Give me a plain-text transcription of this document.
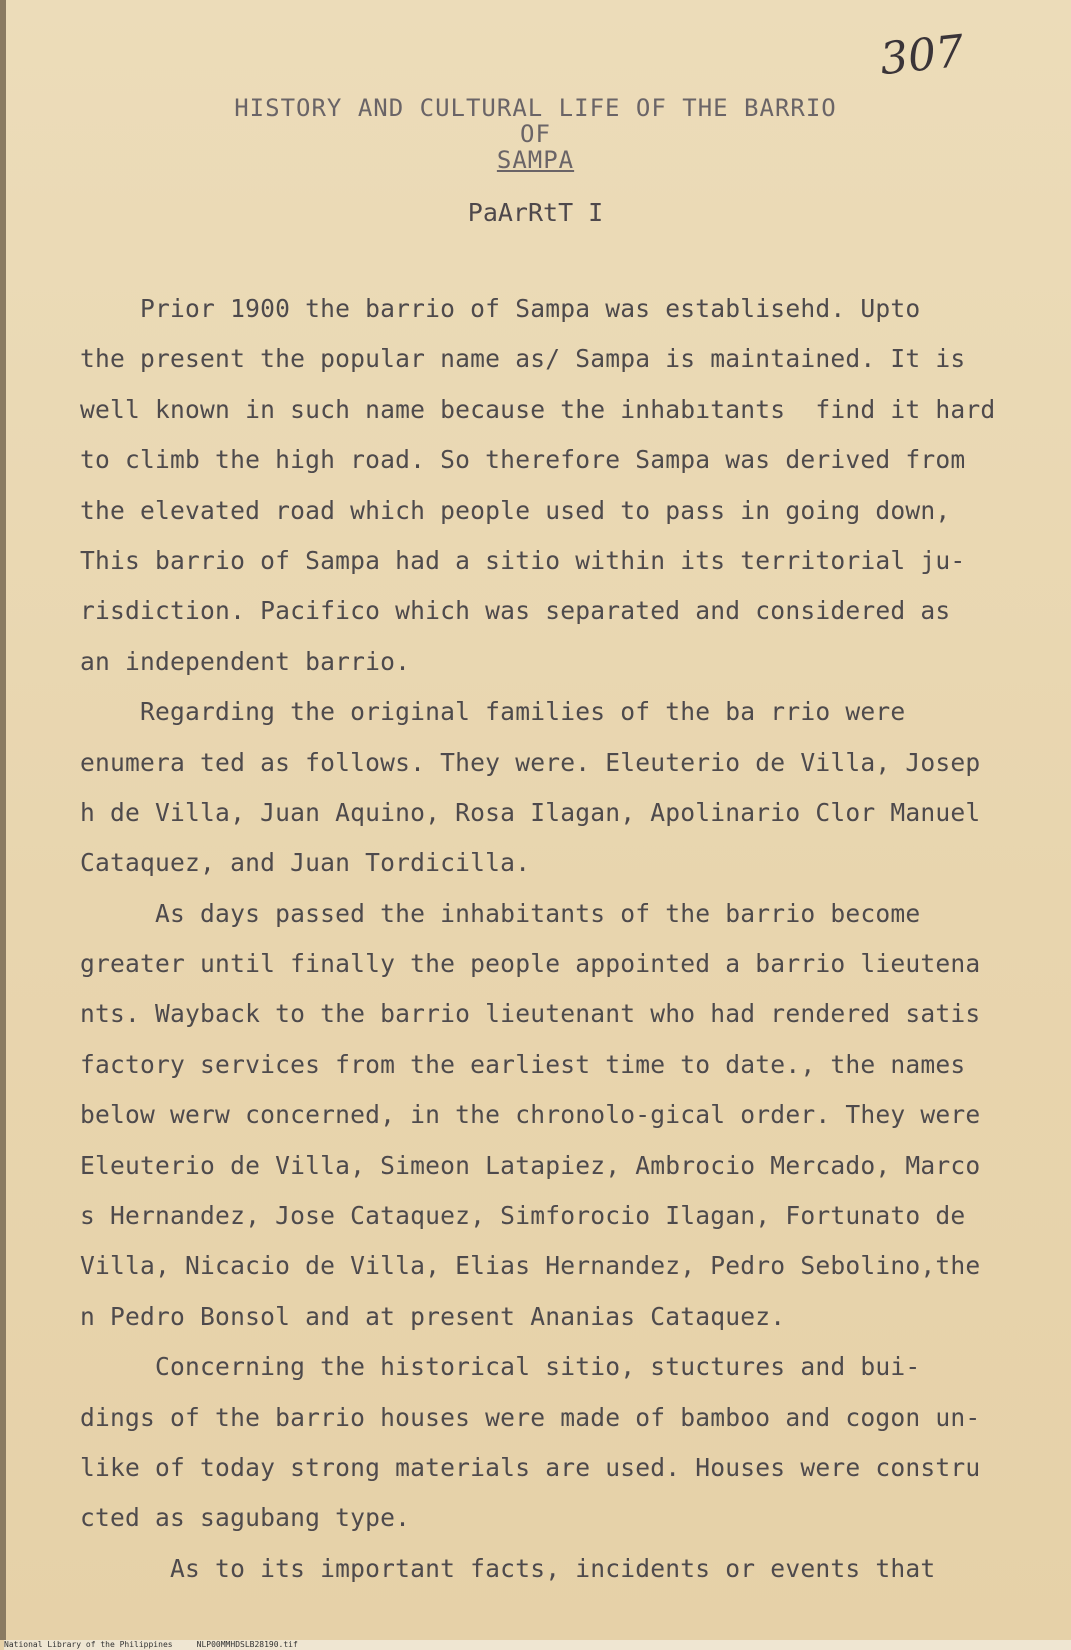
307
HISTORY AND CULTURAL LIFE OF THE BARRIO
OF
SAMPA
PaArRtT I
Prior 1900 the barrio of Sampa was establisehd. Upto
the present the popular name as/ Sampa is maintained. It is
well known in such name because the inhabıtants  find it hard
to climb the high road. So therefore Sampa was derived from
the elevated road which people used to pass in going down,
This barrio of Sampa had a sitio within its territorial ju-
risdiction. Pacifico which was separated and considered as
an independent barrio.
Regarding the original families of the ba rrio were
enumera ted as follows. They were. Eleuterio de Villa, Josep
h de Villa, Juan Aquino, Rosa Ilagan, Apolinario Clor Manuel
Cataquez, and Juan Tordicilla.
As days passed the inhabitants of the barrio become
greater until finally the people appointed a barrio lieutena
nts. Wayback to the barrio lieutenant who had rendered satis
factory services from the earliest time to date., the names
below werw concerned, in the chronolo-gical order. They were
Eleuterio de Villa, Simeon Latapiez, Ambrocio Mercado, Marco
s Hernandez, Jose Cataquez, Simforocio Ilagan, Fortunato de
Villa, Nicacio de Villa, Elias Hernandez, Pedro Sebolino,the
n Pedro Bonsol and at present Ananias Cataquez.
Concerning the historical sitio, stuctures and bui-
dings of the barrio houses were made of bamboo and cogon un-
like of today strong materials are used. Houses were constru
cted as sagubang type.
As to its important facts, incidents or events that
National Library of the Philippines     NLP00MMHDSLB28190.tif
